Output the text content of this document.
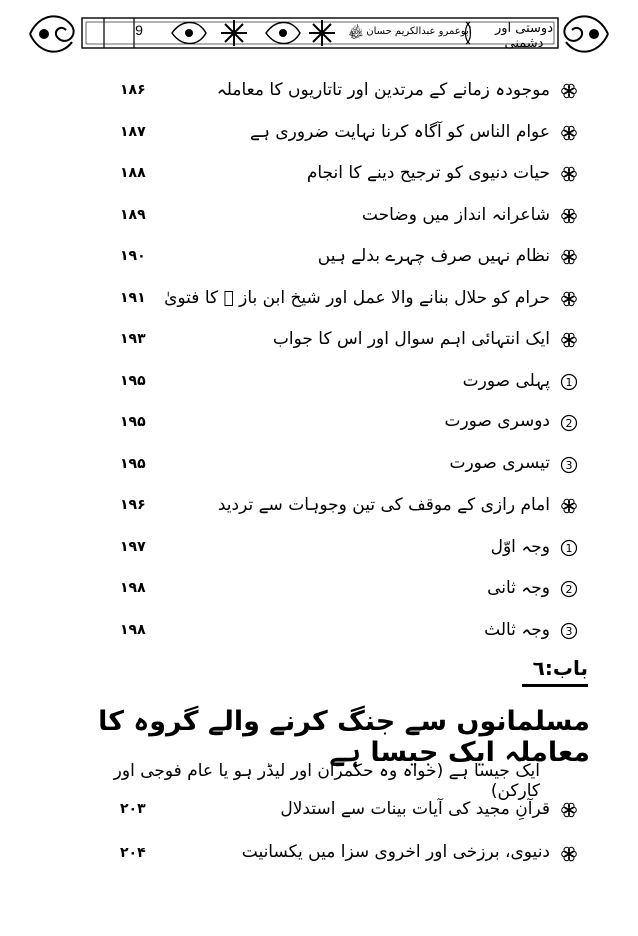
9	ابوعمرو عبدالکریم حسان ﷾	دوستی اور دشمنی
موجودہ زمانے کے مرتدین اور تاتاریوں کا معاملہ
۱۸۶
عوام الناس کو آگاہ کرنا نہایت ضروری ہے
۱۸۷
حیات دنیوی کو ترجیح دینے کا انجام
۱۸۸
شاعرانہ انداز میں وضاحت
۱۸۹
نظام نہیں صرف چہرے بدلے ہیں
۱۹۰
حرام کو حلال بنانے والا عمل اور شیخ ابن باز ﷫ کا فتویٰ
۱۹۱
ایک انتہائی اہم سوال اور اس کا جواب
۱۹۳
1
پہلی صورت
۱۹۵
2
دوسری صورت
۱۹۵
3
تیسری صورت
۱۹۵
امام رازی کے موقف کی تین وجوہات سے تردید
۱۹۶
1
وجہ اوّل
۱۹۷
2
وجہ ثانی
۱۹۸
3
وجہ ثالث
۱۹۸
باب:٦
مسلمانوں سے جنگ کرنے والے گروہ کا معاملہ ایک جیسا ہے
ایک جیسا ہے (خواہ وہ حکمران اور لیڈر ہو یا عام فوجی اور کارکن)
قرآنِ مجید کی آیات بینات سے استدلال
۲۰۳
دنیوی، برزخی اور اخروی سزا میں یکسانیت
۲۰۴
